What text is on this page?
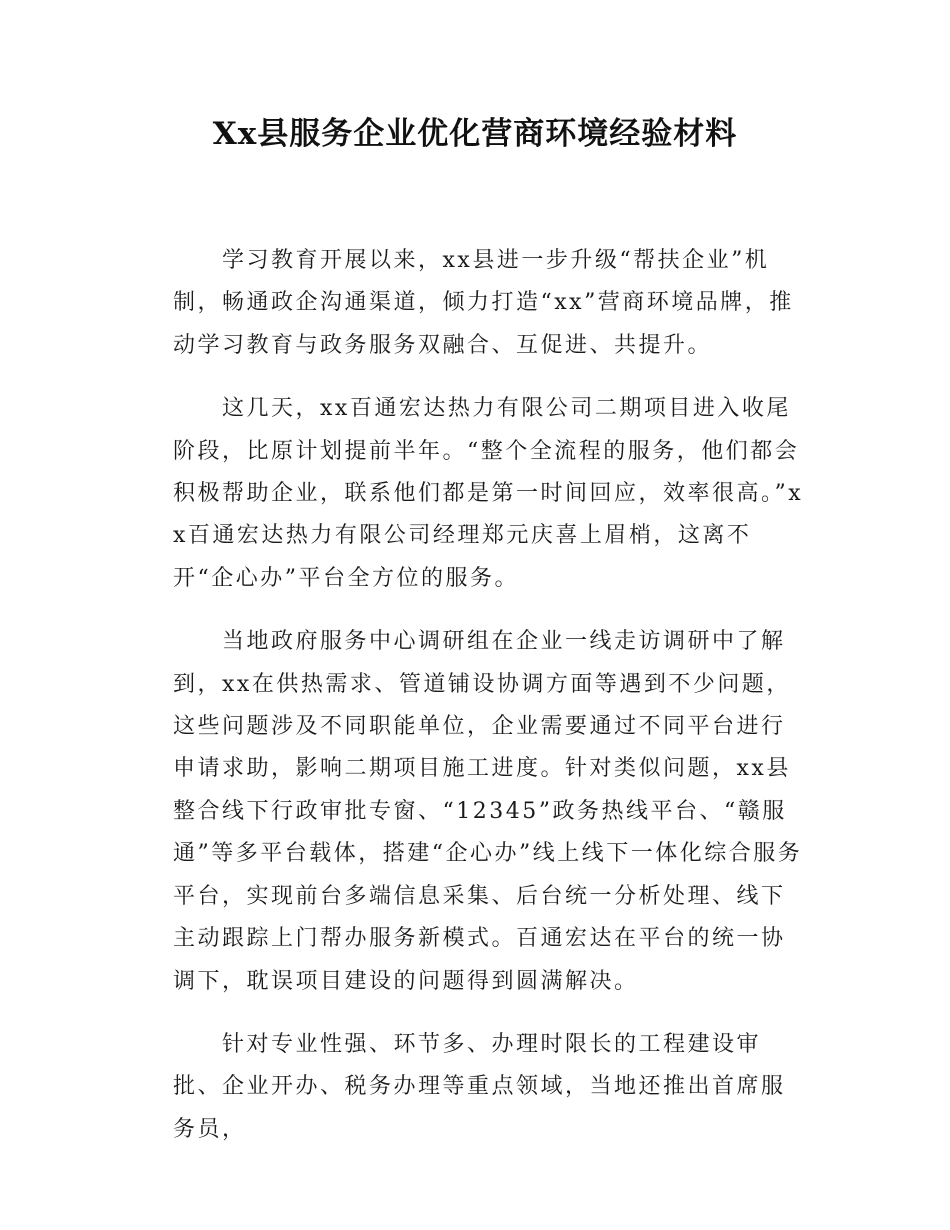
Xx县服务企业优化营商环境经验材料

学习教育开展以来，xx县进一步升级“帮扶企业”机制，畅通政企沟通渠道，倾力打造“xx”营商环境品牌，推动学习教育与政务服务双融合、互促进、共提升。

这几天，xx百通宏达热力有限公司二期项目进入收尾阶段，比原计划提前半年。“整个全流程的服务，他们都会积极帮助企业，联系他们都是第一时间回应，效率很高。”xx百通宏达热力有限公司经理郑元庆喜上眉梢，这离不开“企心办”平台全方位的服务。

当地政府服务中心调研组在企业一线走访调研中了解到，xx在供热需求、管道铺设协调方面等遇到不少问题，这些问题涉及不同职能单位，企业需要通过不同平台进行申请求助，影响二期项目施工进度。针对类似问题，xx县整合线下行政审批专窗、“12345”政务热线平台、“赣服通”等多平台载体，搭建“企心办”线上线下一体化综合服务平台，实现前台多端信息采集、后台统一分析处理、线下主动跟踪上门帮办服务新模式。百通宏达在平台的统一协调下，耽误项目建设的问题得到圆满解决。

针对专业性强、环节多、办理时限长的工程建设审批、企业开办、税务办理等重点领域，当地还推出首席服务员，
